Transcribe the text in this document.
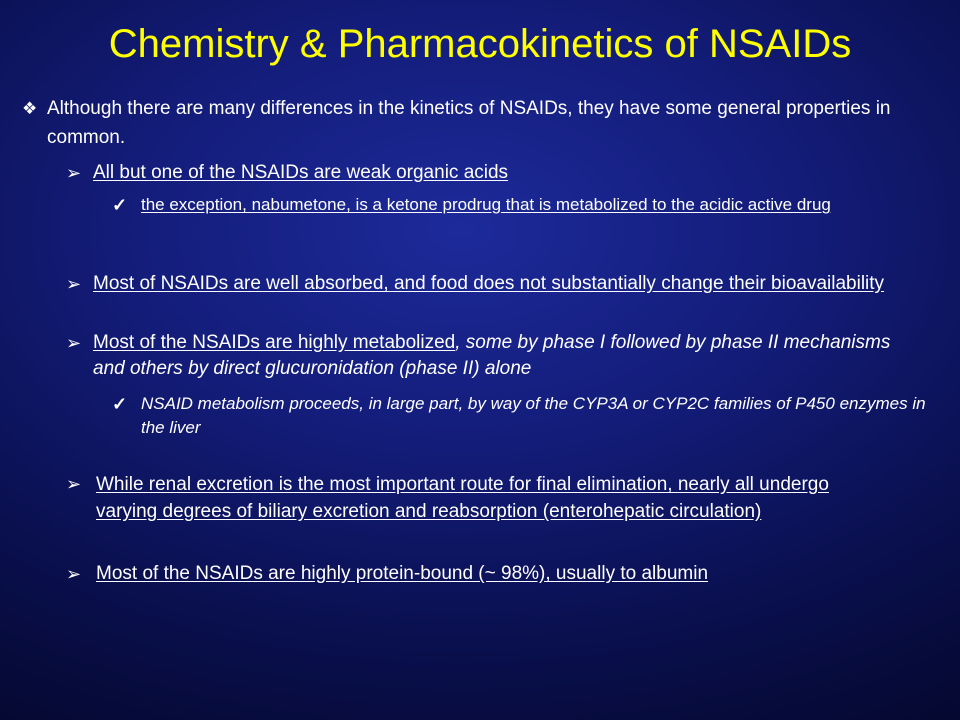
Chemistry & Pharmacokinetics of NSAIDs
❖ Although there are many differences in the kinetics of NSAIDs, they have some general properties in common.
➢ All but one of the NSAIDs are weak organic acids
✓ the exception, nabumetone, is a ketone prodrug that is metabolized to the acidic active drug
➢ Most of NSAIDs are well absorbed, and food does not substantially change their bioavailability
➢ Most of the NSAIDs are highly metabolized, some by phase I followed by phase II mechanisms and others by direct glucuronidation (phase II) alone
✓ NSAID metabolism proceeds, in large part, by way of the CYP3A or CYP2C families of P450 enzymes in the liver
➢ While renal excretion is the most important route for final elimination, nearly all undergo varying degrees of biliary excretion and reabsorption (enterohepatic circulation)
➢ Most of the NSAIDs are highly protein-bound (~ 98%), usually to albumin
